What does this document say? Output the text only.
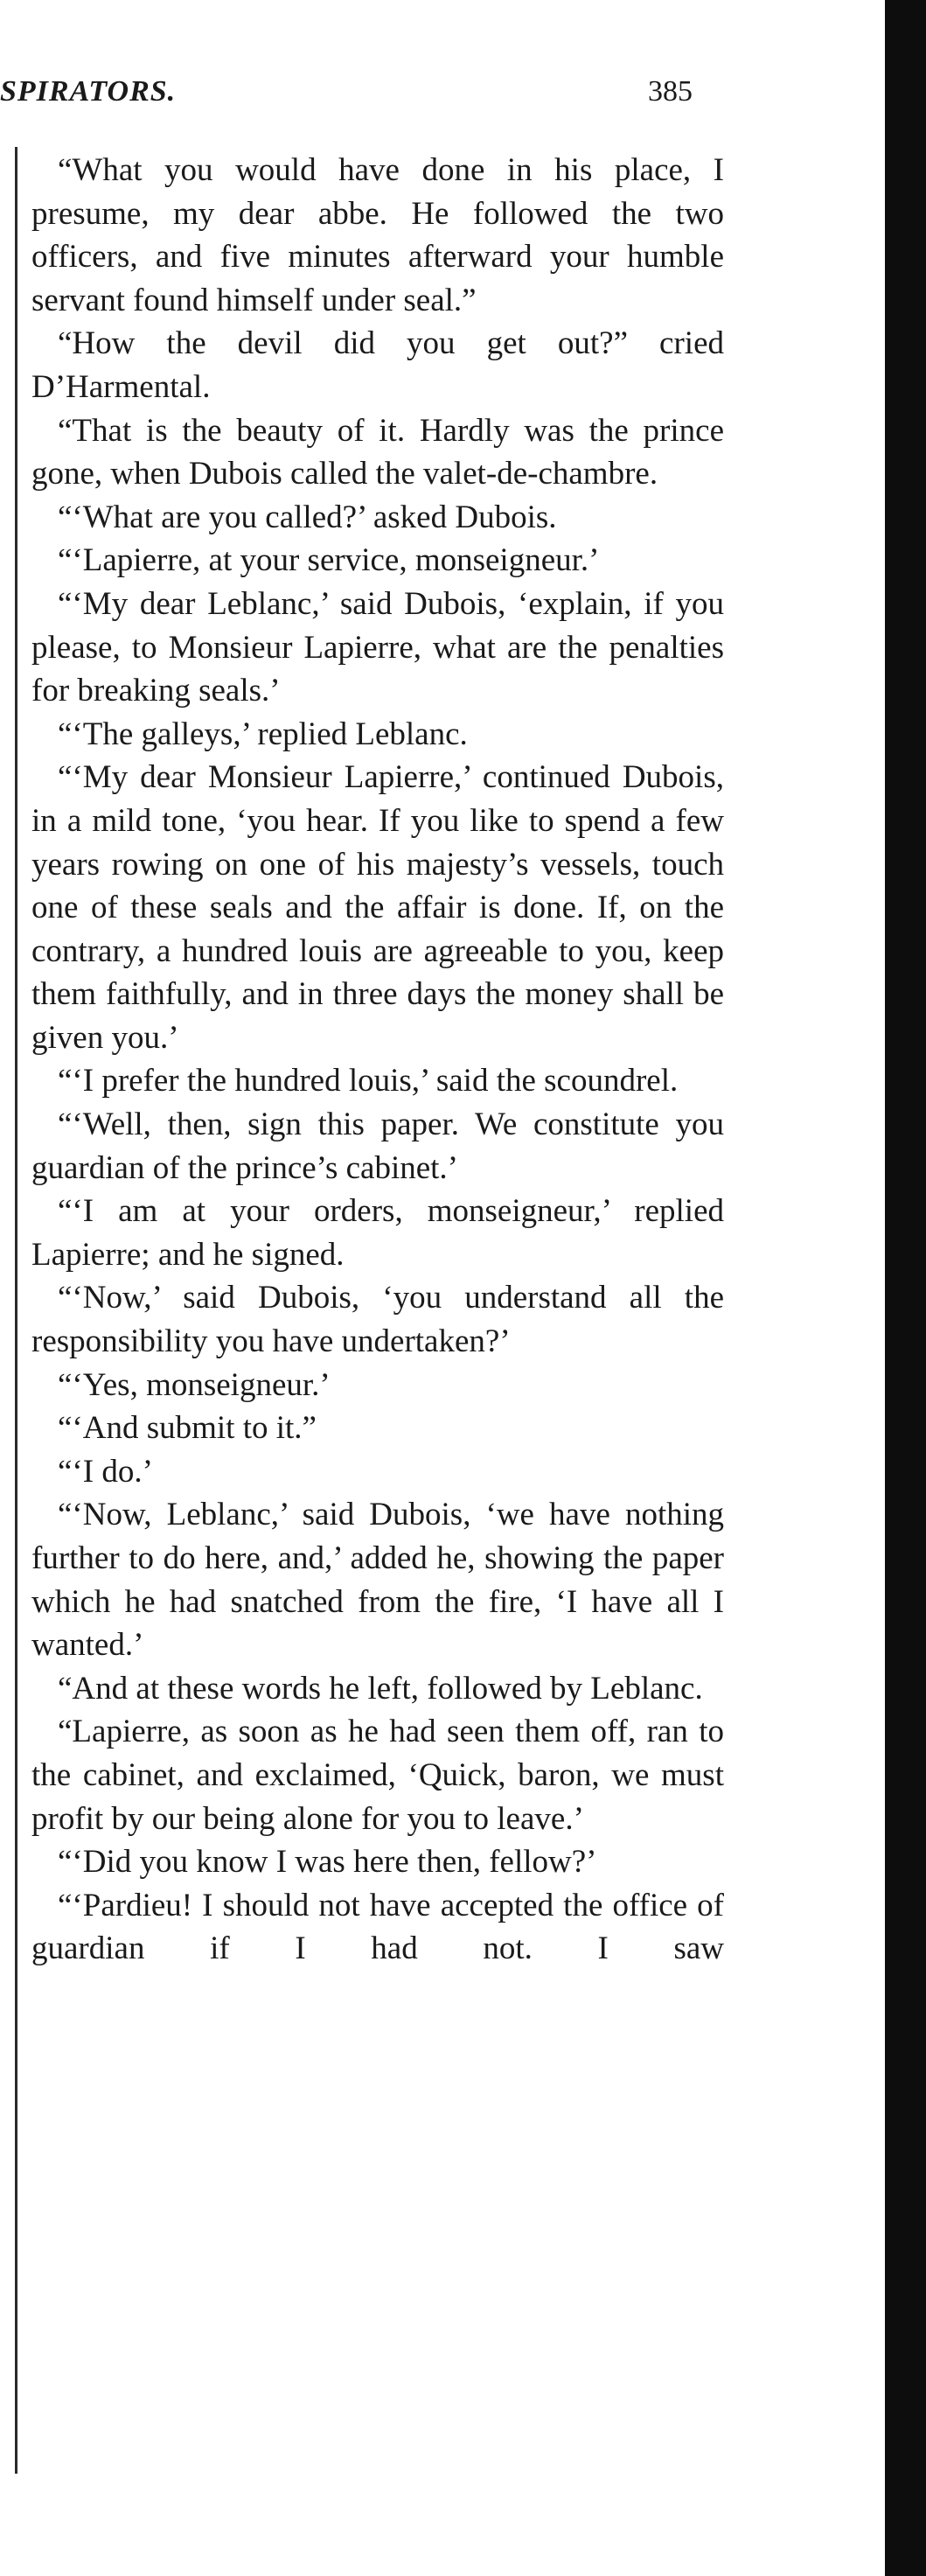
SPIRATORS.	385

“What you would have done in his place, I presume, my dear abbe. He followed the two officers, and five minutes afterward your humble servant found himself under seal.”

“How the devil did you get out?” cried D’Harmental.

“That is the beauty of it. Hardly was the prince gone, when Dubois called the valet-de-chambre.

“‘What are you called?’ asked Dubois.

“‘Lapierre, at your service, monseigneur.’

“‘My dear Leblanc,’ said Dubois, ‘explain, if you please, to Monsieur Lapierre, what are the penalties for breaking seals.’

“‘The galleys,’ replied Leblanc.

“‘My dear Monsieur Lapierre,’ continued Dubois, in a mild tone, ‘you hear. If you like to spend a few years rowing on one of his majesty’s vessels, touch one of these seals and the affair is done. If, on the contrary, a hundred louis are agreeable to you, keep them faithfully, and in three days the money shall be given you.’

“‘I prefer the hundred louis,’ said the scoundrel.

“‘Well, then, sign this paper. We constitute you guardian of the prince’s cabinet.’

“‘I am at your orders, monseigneur,’ replied Lapierre; and he signed.

“‘Now,’ said Dubois, ‘you understand all the responsibility you have undertaken?’

“‘Yes, monseigneur.’

“‘And submit to it.”

“‘I do.’

“‘Now, Leblanc,’ said Dubois, ‘we have nothing further to do here, and,’ added he, showing the paper which he had snatched from the fire, ‘I have all I wanted.’

“And at these words he left, followed by Leblanc.

“Lapierre, as soon as he had seen them off, ran to the cabinet, and exclaimed, ‘Quick, baron, we must profit by our being alone for you to leave.’

“‘Did you know I was here then, fellow?’

“‘Pardieu! I should not have accepted the office of guardian if I had not. I saw
